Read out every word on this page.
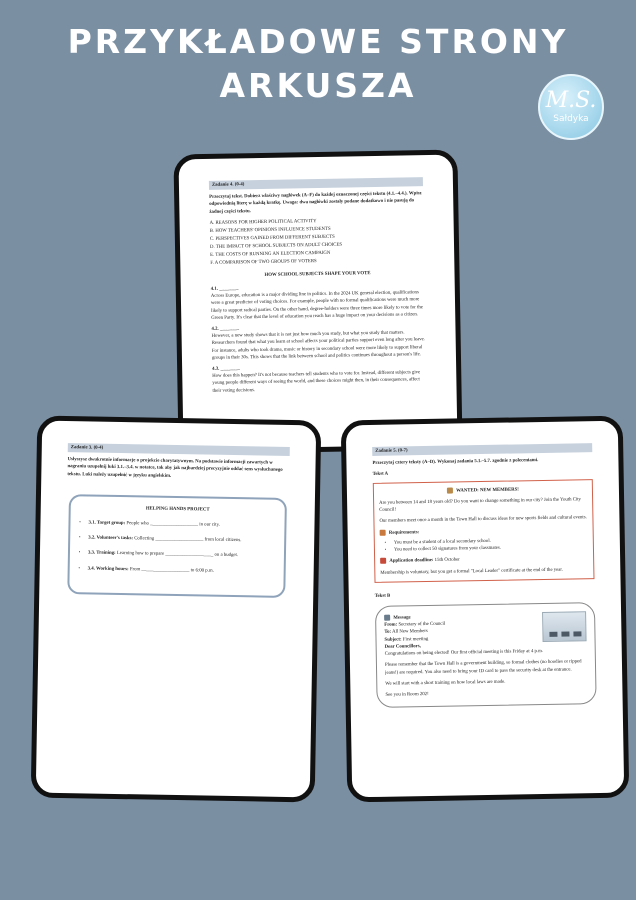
PRZYKŁADOWE STRONY
ARKUSZA	M.S.
Sałdyka
Zadanie 4. (0-4)
Przeczytaj tekst. Dobierz właściwy nagłówek (A–F) do każdej oznaczonej części tekstu (4.1.–4.4.). Wpisz odpowiednią literę w każdą kratkę. Uwaga: dwa nagłówki zostały podane dodatkowo i nie pasują do żadnej części tekstu.
A. REASONS FOR HIGHER POLITICAL ACTIVITY
B. HOW TEACHERS' OPINIONS INFLUENCE STUDENTS
C. PERSPECTIVES GAINED FROM DIFFERENT SUBJECTS
D. THE IMPACT OF SCHOOL SUBJECTS ON ADULT CHOICES
E. THE COSTS OF RUNNING AN ELECTION CAMPAIGN
F. A COMPARISON OF TWO GROUPS OF VOTERS
HOW SCHOOL SUBJECTS SHAPE YOUR VOTE
4.1. ________
Across Europe, education is a major dividing line in politics. In the 2024 UK general election, qualifications were a great predictor of voting choices. For example, people with no formal qualifications were much more likely to support radical parties. On the other hand, degree-holders were three times more likely to vote for the Green Party. It's clear that the level of education you reach has a huge impact on your decisions as a citizen.
4.2. ________
However, a new study shows that it is not just how much you study, but what you study that matters. Researchers found that what you learn at school affects your political parties support even long after you leave. For instance, adults who took drama, music or history in secondary school were more likely to support liberal groups in their 30s. This shows that the link between school and politics continues throughout a person's life.
4.3. ________
How does this happen? It's not because teachers tell students who to vote for. Instead, different subjects give young people different ways of seeing the world, and these choices might then, in their consequences, affect their voting decisions.
Zadanie 3. (0-4)
Usłyszysz dwukrotnie informacje o projekcie charytatywnym. Na podstawie informacji zawartych w nagraniu uzupełnij luki 3.1.–3.4. w notatce, tak aby jak najbardziej precyzyjnie oddać sens wysłuchanego tekstu. Luki należy uzupełnić w języku angielskim.
HELPING HANDS PROJECT
• 3.1. Target group: People who ____________________ in our city.
• 3.2. Volunteer's tasks: Collecting ____________________ from local citizens.
• 3.3. Training: Learning how to prepare ____________________ on a budget.
• 3.4. Working hours: From ____________________ to 6:00 p.m.
Zadanie 5. (0-7)
Przeczytaj cztery teksty (A–D). Wykonaj zadania 5.1.–5.7. zgodnie z poleceniami.
Tekst A
WANTED: NEW MEMBERS!
Are you between 14 and 18 years old? Do you want to change something in our city? Join the Youth City Council!
Our members meet once a month in the Town Hall to discuss ideas for new sports fields and cultural events.
Requirements:
• You must be a student of a local secondary school.
• You need to collect 50 signatures from your classmates.
Application deadline: 15th October
Membership is voluntary, but you get a formal "Local Leader" certificate at the end of the year.
Tekst B
Message
From: Secretary of the Council
To: All New Members
Subject: First meeting
Dear Councillors,
Congratulations on being elected! Our first official meeting is this Friday at 4 p.m.
Please remember that the Town Hall is a government building, so formal clothes (no hoodies or ripped jeans!) are required. You also need to bring your ID card to pass the security desk at the entrance.
We will start with a short training on how local laws are made.
See you in Room 202!
